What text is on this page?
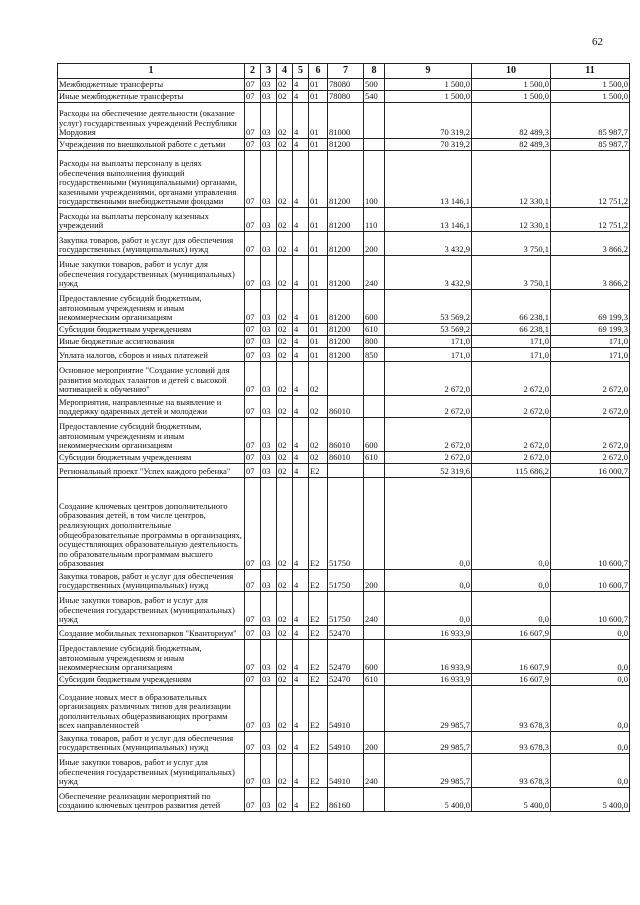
62
1	2	3	4	5	6	7	8	9	10	11
Межбюджетные трансферты	07	03	02	4	01	78080	500	1 500,0	1 500,0	1 500,0
Иные межбюджетные трансферты	07	03	02	4	01	78080	540	1 500,0	1 500,0	1 500,0
Расходы на обеспечение деятельности (оказание услуг) государственных учреждений Республики Мордовия	07	03	02	4	01	81000		70 319,2	82 489,3	85 987,7
Учреждения по внешкольной работе с детьми	07	03	02	4	01	81200		70 319,2	82 489,3	85 987,7
Расходы на выплаты персоналу в целях обеспечения выполнения функций государственными (муниципальными) органами, казенными учреждениями, органами управления государственными внебюджетными фондами	07	03	02	4	01	81200	100	13 146,1	12 330,1	12 751,2
Расходы на выплаты персоналу казенных учреждений	07	03	02	4	01	81200	110	13 146,1	12 330,1	12 751,2
Закупка товаров, работ и услуг для обеспечения государственных (муниципальных) нужд	07	03	02	4	01	81200	200	3 432,9	3 750,1	3 866,2
Иные закупки товаров, работ и услуг для обеспечения государственных (муниципальных) нужд	07	03	02	4	01	81200	240	3 432,9	3 750,1	3 866,2
Предоставление субсидий бюджетным, автономным учреждениям и иным некоммерческим организациям	07	03	02	4	01	81200	600	53 569,2	66 238,1	69 199,3
Субсидии бюджетным учреждениям	07	03	02	4	01	81200	610	53 569,2	66 238,1	69 199,3
Иные бюджетные ассигнования	07	03	02	4	01	81200	800	171,0	171,0	171,0
Уплата налогов, сборов и иных платежей	07	03	02	4	01	81200	850	171,0	171,0	171,0
Основное мероприятие "Создание условий для развития молодых талантов и детей с высокой мотивацией к обучению"	07	03	02	4	02			2 672,0	2 672,0	2 672,0
Мероприятия, направленные на выявление и поддержку одаренных детей и молодежи	07	03	02	4	02	86010		2 672,0	2 672,0	2 672,0
Предоставление субсидий бюджетным, автономным учреждениям и иным некоммерческим организациям	07	03	02	4	02	86010	600	2 672,0	2 672,0	2 672,0
Субсидии бюджетным учреждениям	07	03	02	4	02	86010	610	2 672,0	2 672,0	2 672,0
Региональный проект "Успех каждого ребенка"	07	03	02	4	E2			52 319,6	115 686,2	16 000,7
Создание ключевых центров дополнительного образования детей, в том числе центров, реализующих дополнительные общеобразовательные программы в организациях, осуществляющих образовательную деятельность по образовательным программам высшего образования	07	03	02	4	E2	51750		0,0	0,0	10 600,7
Закупка товаров, работ и услуг для обеспечения государственных (муниципальных) нужд	07	03	02	4	E2	51750	200	0,0	0,0	10 600,7
Иные закупки товаров, работ и услуг для обеспечения государственных (муниципальных) нужд	07	03	02	4	E2	51750	240	0,0	0,0	10 600,7
Создание мобильных технопарков "Кванториум"	07	03	02	4	E2	52470		16 933,9	16 607,9	0,0
Предоставление субсидий бюджетным, автономным учреждениям и иным некоммерческим организациям	07	03	02	4	E2	52470	600	16 933,9	16 607,9	0,0
Субсидии бюджетным учреждениям	07	03	02	4	E2	52470	610	16 933,9	16 607,9	0,0
Создание новых мест в образовательных организациях различных типов для реализации дополнительных общеразвивающих программ всех направленностей	07	03	02	4	E2	54910		29 985,7	93 678,3	0,0
Закупка товаров, работ и услуг для обеспечения государственных (муниципальных) нужд	07	03	02	4	E2	54910	200	29 985,7	93 678,3	0,0
Иные закупки товаров, работ и услуг для обеспечения государственных (муниципальных) нужд	07	03	02	4	E2	54910	240	29 985,7	93 678,3	0,0
Обеспечение реализации мероприятий по созданию ключевых центров развития детей	07	03	02	4	E2	86160		5 400,0	5 400,0	5 400,0
